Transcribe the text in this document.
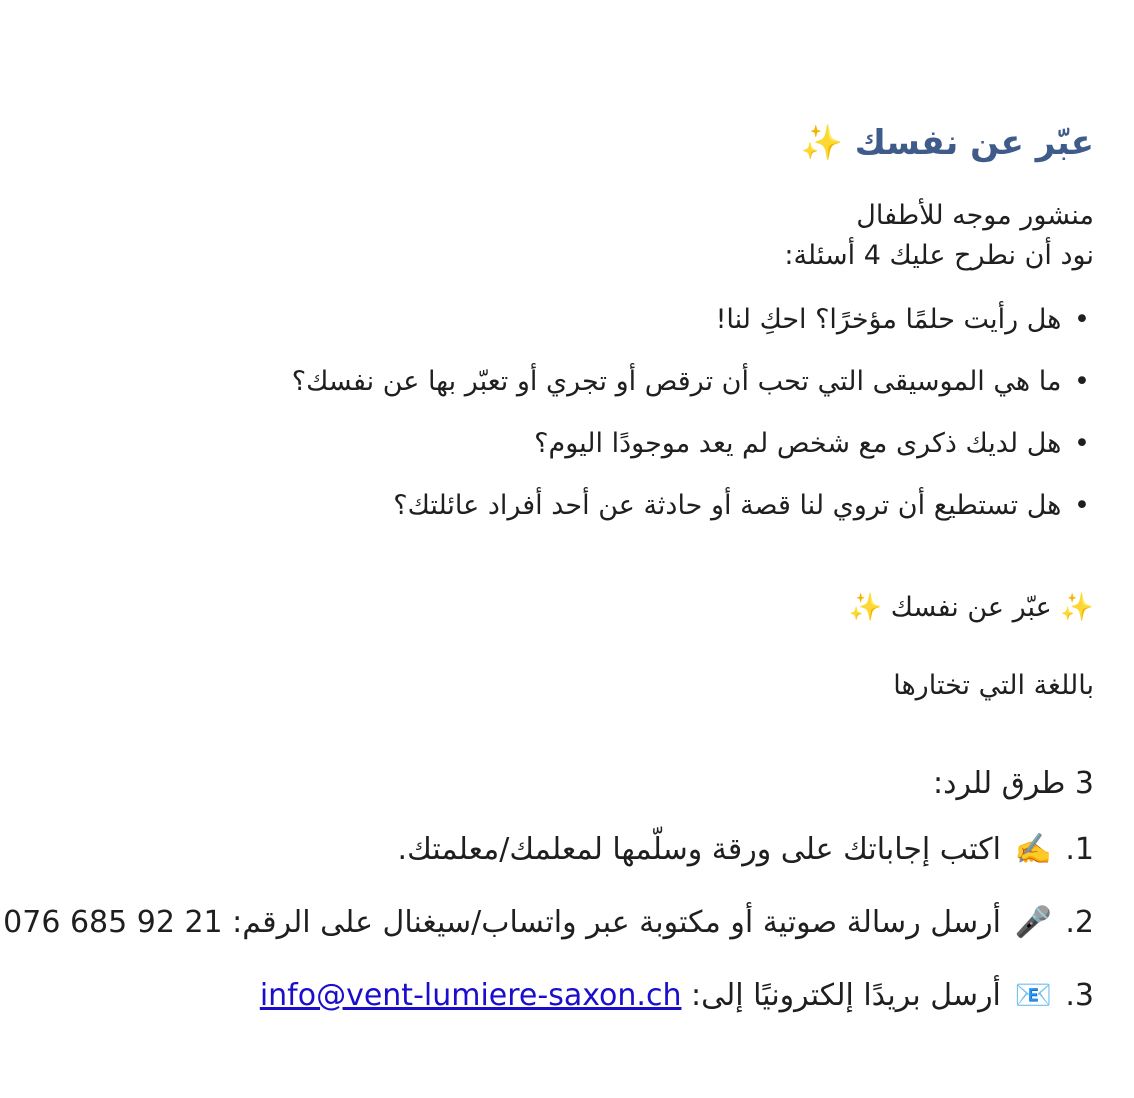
عبّر عن نفسك ✨
منشور موجه للأطفال
نود أن نطرح عليك 4 أسئلة:
• هل رأيت حلمًا مؤخرًا؟ احكِ لنا!
• ما هي الموسيقى التي تحب أن ترقص أو تجري أو تعبّر بها عن نفسك؟
• هل لديك ذكرى مع شخص لم يعد موجودًا اليوم؟
• هل تستطيع أن تروي لنا قصة أو حادثة عن أحد أفراد عائلتك؟
✨ عبّر عن نفسك ✨
باللغة التي تختارها
3 طرق للرد:
1. ✍️ اكتب إجاباتك على ورقة وسلّمها لمعلمك/معلمتك.
2. 🎤 أرسل رسالة صوتية أو مكتوبة عبر واتساب/سيغنال على الرقم: 076 685 92 21
3. 📧 أرسل بريدًا إلكترونيًا إلى: info@vent-lumiere-saxon.ch
